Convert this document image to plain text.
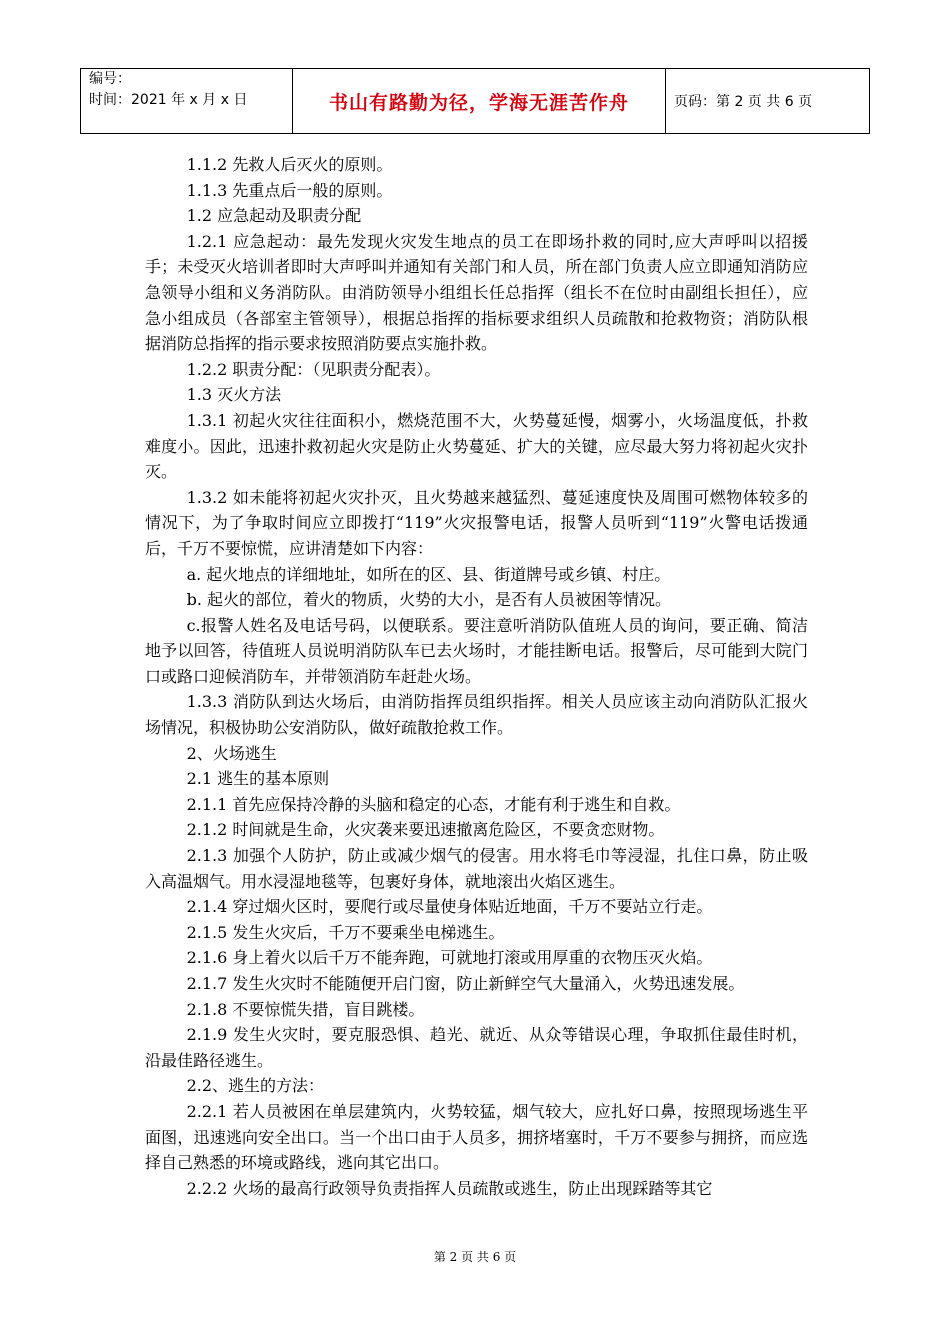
编号：
时间：2021 年 x 月 x 日	书山有路勤为径，学海无涯苦作舟	页码：第 2 页 共 6 页

1.1.2 先救人后灭火的原则。

1.1.3 先重点后一般的原则。

1.2 应急起动及职责分配

1.2.1 应急起动：最先发现火灾发生地点的员工在即场扑救的同时,应大声呼叫以招援手；未受灭火培训者即时大声呼叫并通知有关部门和人员，所在部门负责人应立即通知消防应急领导小组和义务消防队。由消防领导小组组长任总指挥（组长不在位时由副组长担任），应急小组成员（各部室主管领导），根据总指挥的指标要求组织人员疏散和抢救物资；消防队根据消防总指挥的指示要求按照消防要点实施扑救。

1.2.2 职责分配：（见职责分配表）。

1.3 灭火方法

1.3.1 初起火灾往往面积小，燃烧范围不大，火势蔓延慢，烟雾小，火场温度低，扑救难度小。因此，迅速扑救初起火灾是防止火势蔓延、扩大的关键，应尽最大努力将初起火灾扑灭。

1.3.2 如未能将初起火灾扑灭，且火势越来越猛烈、蔓延速度快及周围可燃物体较多的情况下，为了争取时间应立即拨打“119”火灾报警电话，报警人员听到“119”火警电话拨通后，千万不要惊慌，应讲清楚如下内容：

a. 起火地点的详细地址，如所在的区、县、街道牌号或乡镇、村庄。

b. 起火的部位，着火的物质，火势的大小，是否有人员被困等情况。

c.报警人姓名及电话号码，以便联系。要注意听消防队值班人员的询问，要正确、简洁地予以回答，待值班人员说明消防队车已去火场时，才能挂断电话。报警后，尽可能到大院门口或路口迎候消防车，并带领消防车赶赴火场。

1.3.3 消防队到达火场后，由消防指挥员组织指挥。相关人员应该主动向消防队汇报火场情况，积极协助公安消防队，做好疏散抢救工作。

2、火场逃生

2.1 逃生的基本原则

2.1.1 首先应保持冷静的头脑和稳定的心态，才能有利于逃生和自救。

2.1.2 时间就是生命，火灾袭来要迅速撤离危险区，不要贪恋财物。

2.1.3 加强个人防护，防止或减少烟气的侵害。用水将毛巾等浸湿，扎住口鼻，防止吸入高温烟气。用水浸湿地毯等，包裹好身体，就地滚出火焰区逃生。

2.1.4 穿过烟火区时，要爬行或尽量使身体贴近地面，千万不要站立行走。

2.1.5 发生火灾后，千万不要乘坐电梯逃生。

2.1.6 身上着火以后千万不能奔跑，可就地打滚或用厚重的衣物压灭火焰。

2.1.7 发生火灾时不能随便开启门窗，防止新鲜空气大量涌入，火势迅速发展。

2.1.8 不要惊慌失措，盲目跳楼。

2.1.9 发生火灾时，要克服恐惧、趋光、就近、从众等错误心理，争取抓住最佳时机，沿最佳路径逃生。

2.2、逃生的方法：

2.2.1 若人员被困在单层建筑内，火势较猛，烟气较大，应扎好口鼻，按照现场逃生平面图，迅速逃向安全出口。当一个出口由于人员多，拥挤堵塞时，千万不要参与拥挤，而应选择自己熟悉的环境或路线，逃向其它出口。

2.2.2 火场的最高行政领导负责指挥人员疏散或逃生，防止出现踩踏等其它

第 2 页 共 6 页
